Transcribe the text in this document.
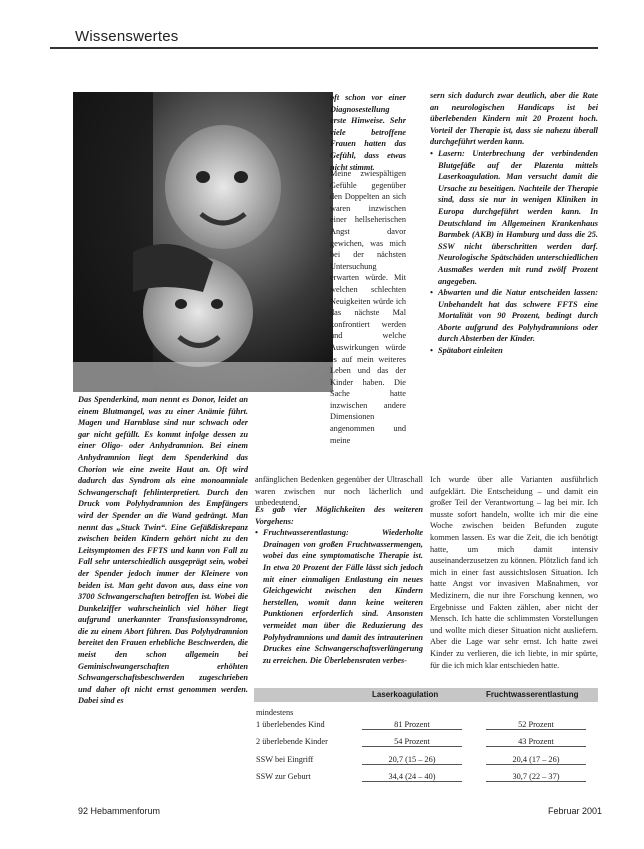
Wissenswertes
Das Spenderkind, man nennt es Donor, leidet an einem Blutmangel, was zu einer Anämie führt. Magen und Harnblase sind nur schwach oder gar nicht gefüllt. Es kommt infolge dessen zu einer Oligo- oder Anhydramnion. Bei einem Anhydramnion liegt dem Spenderkind das Chorion wie eine zweite Haut an. Oft wird dadurch das Syndrom als eine monoamniale Schwangerschaft fehlinterpretiert. Durch den Druck vom Polyhydramnion des Empfängers wird der Spender an die Wand gedrängt. Man nennt das „Stuck Twin“. Eine Gefäßdiskrepanz zwischen beiden Kindern gehört nicht zu den Leitsymptomen des FFTS und kann von Fall zu Fall sehr unterschiedlich ausgeprägt sein, wobei der Spender jedoch immer der Kleinere von beiden ist. Man geht davon aus, dass eine von 3700 Schwangerschaften betroffen ist. Wobei die Dunkelziffer wahrscheinlich viel höher liegt aufgrund unerkannter Transfusionssyndrome, die zu einem Abort führen. Das Polyhydramnion bereitet den Frauen erhebliche Beschwerden, die meist den schon allgemein bei Geminischwangerschaften erhöhten Schwangerschaftsbeschwerden zugeschrieben und daher oft nicht ernst genommen werden. Dabei sind es
oft schon vor einer Diagnosestellung erste Hinweise. Sehr viele betroffene Frauen hatten das Gefühl, dass etwas nicht stimmt.
Meine zwiespältigen Gefühle gegenüber den Doppelten an sich waren inzwischen einer hellseherischen Angst davor gewichen, was mich bei der nächsten Untersuchung erwarten würde. Mit welchen schlechten Neuigkeiten würde ich das nächste Mal konfrontiert werden und welche Auswirkungen würde es auf mein weiteres Leben und das der Kinder haben. Die Sache hatte inzwischen andere Dimensionen angenommen und meine
anfänglichen Bedenken gegenüber der Ultraschall waren zwischen nur noch lächerlich und unbedeutend.

Es gab vier Möglichkeiten des weiteren Vorgehens:

• Fruchtwasserentlastung: Wiederholte Drainagen von großen Fruchtwassermengen, wobei das eine symptomatische Therapie ist. In etwa 20 Prozent der Fälle lässt sich jedoch mit einer einmaligen Entlastung ein neues Gleichgewicht zwischen den Kindern herstellen, womit dann keine weiteren Punktionen erforderlich sind. Ansonsten vermeidet man über die Reduzierung des Polyhydramnions und damit des intrauterinen Druckes eine Schwangerschaftsverlängerung zu erreichen. Die Überlebensraten verbes-

sern sich dadurch zwar deutlich, aber die Rate an neurologischen Handicaps ist bei überlebenden Kindern mit 20 Prozent hoch. Vorteil der Therapie ist, dass sie nahezu überall durchgeführt werden kann.

• Lasern: Unterbrechung der verbindenden Blutgefäße auf der Plazenta mittels Laserkoagulation. Man versucht damit die Ursache zu beseitigen. Nachteile der Therapie sind, dass sie nur in wenigen Kliniken in Europa durchgeführt werden kann. In Deutschland im Allgemeinen Krankenhaus Barmbek (AKB) in Hamburg und dass die 25. SSW nicht überschritten werden darf. Neurologische Spätschäden unterschiedlichen Ausmaßes werden mit rund zwölf Prozent angegeben.
• Abwarten und die Natur entscheiden lassen: Unbehandelt hat das schwere FFTS eine Mortalität von 90 Prozent, bedingt durch Aborte aufgrund des Polyhydramnions oder durch Absterben der Kinder.
• Spätabort einleiten
Ich wurde über alle Varianten ausführlich aufgeklärt. Die Entscheidung – und damit ein großer Teil der Verantwortung – lag bei mir. Ich musste sofort handeln, wollte ich mir die eine Woche zwischen beiden Befunden zugute kommen lassen. Es war die Zeit, die ich benötigt hatte, um mich damit intensiv auseinanderzusetzen zu können. Plötzlich fand ich mich in einer fast aussichtslosen Situation. Ich hatte Angst vor invasiven Maßnahmen, vor Medizinern, die nur ihre Forschung kennen, wo Ergebnisse und Fakten zählen, aber nicht der Mensch. Ich hatte die schlimmsten Vorstellungen und wollte mich dieser Situation nicht ausliefern. Aber die Lage war sehr ernst. Ich hatte zwei Kinder zu verlieren, die ich liebte, in mir spürte, für die ich mich klar entschieden hatte.
Laserkoagulation	Fruchtwasserentlastung
mindestens
1 überlebendes Kind	81 Prozent	52 Prozent
2 überlebende Kinder	54 Prozent	43 Prozent
SSW bei Eingriff	20,7 (15 – 26)	20,4 (17 – 26)
SSW zur Geburt	34,4 (24 – 40)	30,7 (22 – 37)
92 Hebammenforum	Februar 2001
